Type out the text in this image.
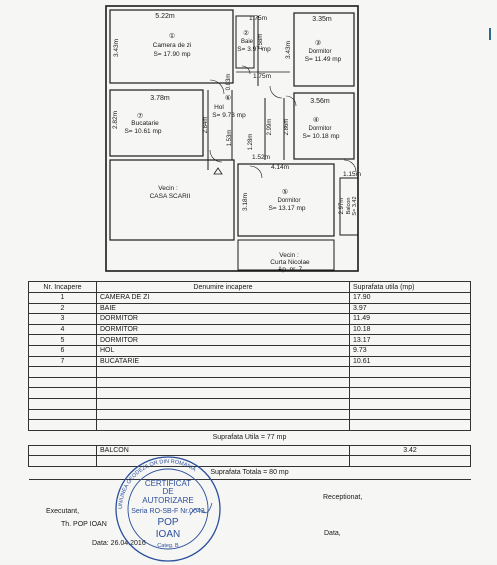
5.22m
3.43m
①
Camera de zi
S= 17.90 mp
1.75m
1.58m
②
Baie
S= 3.97 mp
3.35m
3.43m	③
Dormitor
S= 11.49 mp
1.75m
0.83m
⑥
Hol
S= 9.73 mp
1.53m	1.28m
1.52m
3.78m
2.82m	2.84m
⑦
Bucatarie
S= 10.61 mp
3.56m
2.99m 2.86m	④
Dormitor
S= 10.18 mp
4.14m
3.18m
⑤
Dormitor
S= 13.17 mp
1.15m
2.97m Balcon S= 3.42
Vecin :
CASA SCARII
Vecin :
Curta Nicolae
Ap. nr. 7
Nr. Incapere	Denumire incapere	Suprafata utila (mp)
1	CAMERA DE ZI	17.90
2	BAIE	3.97
3	DORMITOR	11.49
4	DORMITOR	10.18
5	DORMITOR	13.17
6	HOL	9.73
7	BUCATARIE	10.61

Suprafata Utila = 77 mp		
	BALCON	3.42

Suprafata Totala = 80 mp		
Executant,
Th. POP IOAN
Data: 26.04.2016
Receptionat,
Data,
UNIUNEA GEODEZILOR DIN ROMANIA
CERTIFICAT
DE
AUTORIZARE
Seria RO-SB-F Nr.0043
POP
IOAN
Categ. B
